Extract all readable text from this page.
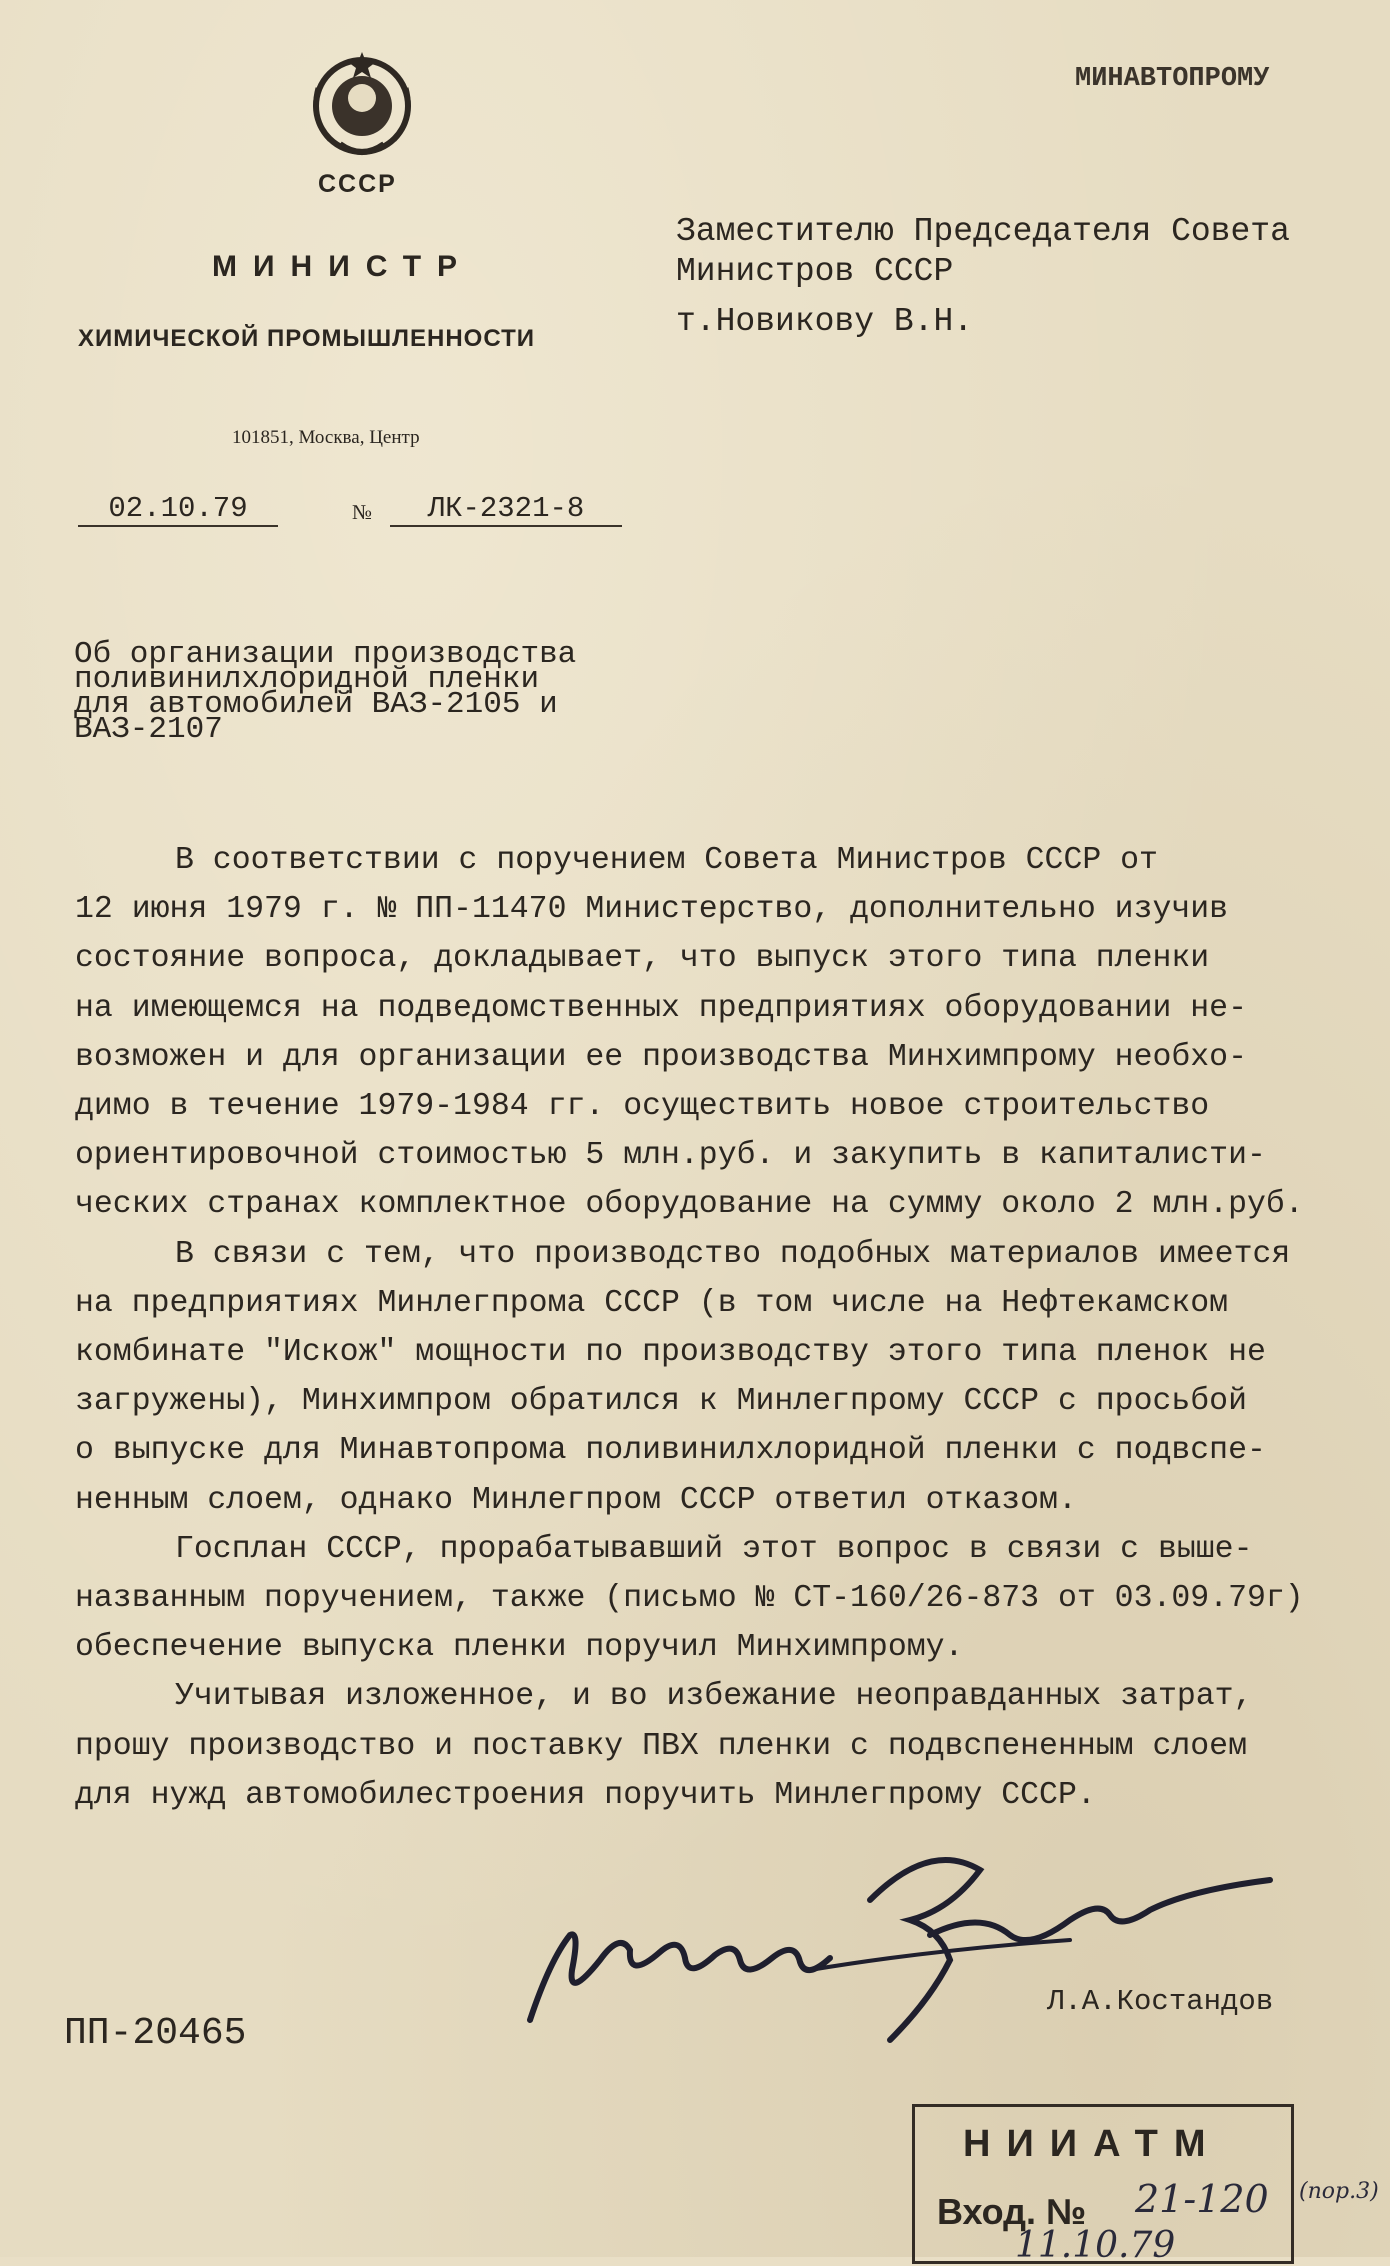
СССР
МИНИСТР
ХИМИЧЕСКОЙ ПРОМЫШЛЕННОСТИ
101851, Москва, Центр
02.10.79	№	ЛК-2321-8
МИНАВТОПРОМУ
Заместителю Председателя Совета
Министров СССР
т.Новикову В.Н.
Об организации производства
поливинилхлоридной пленки
для автомобилей ВАЗ-2105 и
ВАЗ-2107
В соответствии с поручением Совета Министров СССР от
12 июня 1979 г. № ПП-11470 Министерство, дополнительно изучив
состояние вопроса, докладывает, что выпуск этого типа пленки
на имеющемся на подведомственных предприятиях оборудовании не-
возможен и для организации ее производства Минхимпрому необхо-
димо в течение 1979-1984 гг. осуществить новое строительство
ориентировочной стоимостью 5 млн.руб. и закупить в капиталисти-
ческих странах комплектное оборудование на сумму около 2 млн.руб.
В связи с тем, что производство подобных материалов имеется
на предприятиях Минлегпрома СССР (в том числе на Нефтекамском
комбинате "Искож" мощности по производству этого типа пленок не
загружены), Минхимпром обратился к Минлегпрому СССР с просьбой
о выпуске для Минавтопрома поливинилхлоридной пленки с подвспе-
ненным слоем, однако Минлегпром СССР ответил отказом.
Госплан СССР, прорабатывавший этот вопрос в связи с выше-
названным поручением, также (письмо № СТ-160/26-873 от 03.09.79г)
обеспечение выпуска пленки поручил Минхимпрому.
Учитывая изложенное, и во избежание неоправданных затрат,
прошу производство и поставку ПВХ пленки с подвспененным слоем
для нужд автомобилестроения поручить Минлегпрому СССР.
Л.А.Костандов
ПП-20465
НИИАТМ
Вход. № 21-120
11.10.79
(пор.3)
